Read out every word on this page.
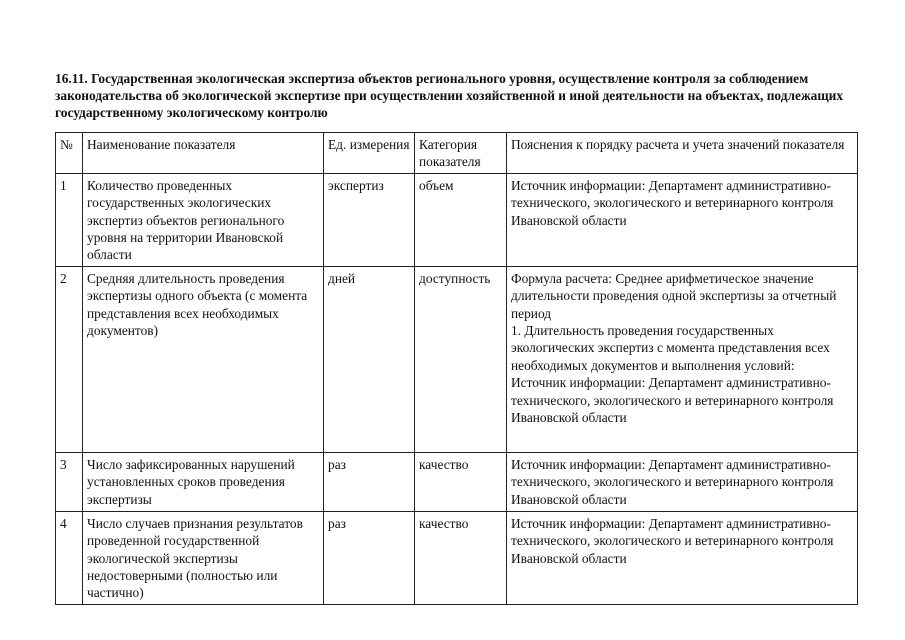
16.11. Государственная экологическая экспертиза объектов регионального уровня, осуществление контроля за соблюдением законодательства об экологической экспертизе при осуществлении хозяйственной и иной деятельности на объектах, подлежащих государственному экологическому контролю
№	Наименование показателя	Ед. измерения	Категория показателя	Пояснения к порядку расчета и учета значений показателя
1	Количество проведенных государственных экологических экспертиз объектов регионального уровня на территории Ивановской области	экспертиз	объем	Источник информации: Департамент административно-технического, экологического и ветеринарного контроля Ивановской области

2	Средняя длительность проведения экспертизы одного объекта (с момента представления всех необходимых документов)	дней	доступность	Формула расчета: Среднее арифметическое значение длительности проведения одной экспертизы за отчетный период
1. Длительность проведения государственных экологических экспертиз с момента представления всех необходимых документов и выполнения условий:
Источник информации: Департамент административно-технического, экологического и ветеринарного контроля Ивановской области

3	Число зафиксированных нарушений установленных сроков проведения экспертизы	раз	качество	Источник информации: Департамент административно-технического, экологического и ветеринарного контроля Ивановской области

4	Число случаев признания результатов проведенной государственной экологической экспертизы недостоверными (полностью или частично)	раз	качество	Источник информации: Департамент административно-технического, экологического и ветеринарного контроля Ивановской области
